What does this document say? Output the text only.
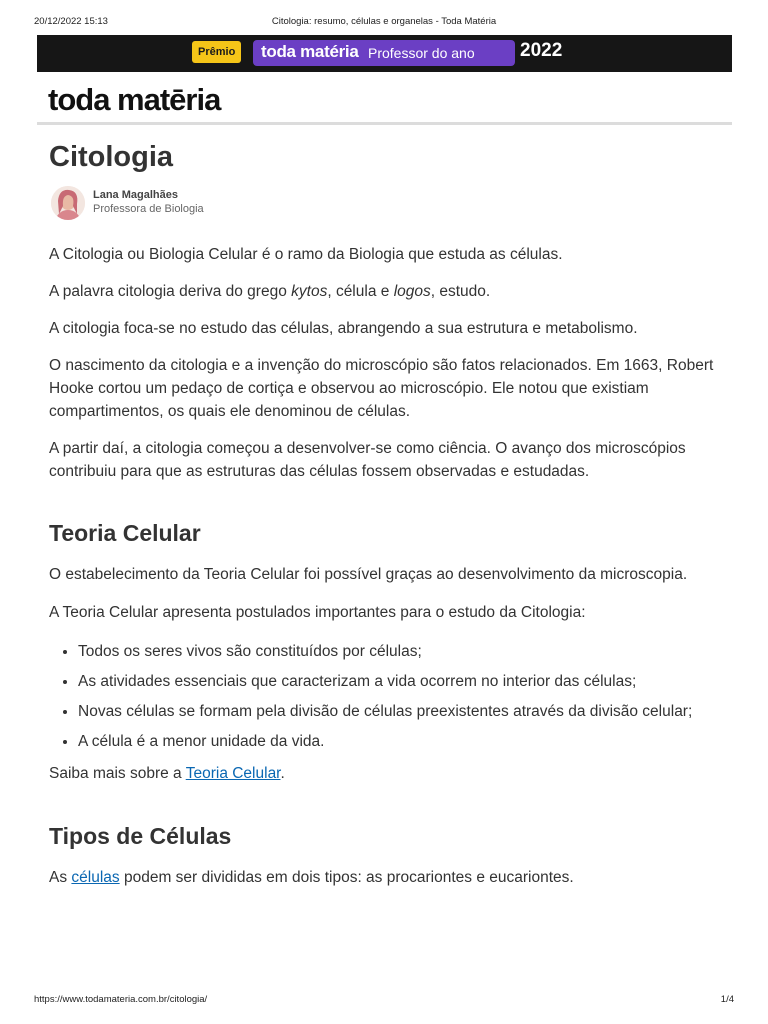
20/12/2022 15:13	Citologia: resumo, células e organelas - Toda Matéria
Prêmio	toda matéria Professor do ano 2022
toda matēria
Citologia
Lana Magalhães
Professora de Biologia

A Citologia ou Biologia Celular é o ramo da Biologia que estuda as células.

A palavra citologia deriva do grego kytos, célula e logos, estudo.

A citologia foca-se no estudo das células, abrangendo a sua estrutura e metabolismo.

O nascimento da citologia e a invenção do microscópio são fatos relacionados. Em 1663, Robert Hooke cortou um pedaço de cortiça e observou ao microscópio. Ele notou que existiam compartimentos, os quais ele denominou de células.

A partir daí, a citologia começou a desenvolver-se como ciência. O avanço dos microscópios contribuiu para que as estruturas das células fossem observadas e estudadas.

Teoria Celular

O estabelecimento da Teoria Celular foi possível graças ao desenvolvimento da microscopia.

A Teoria Celular apresenta postulados importantes para o estudo da Citologia:

• Todos os seres vivos são constituídos por células;
• As atividades essenciais que caracterizam a vida ocorrem no interior das células;
• Novas células se formam pela divisão de células preexistentes através da divisão celular;
• A célula é a menor unidade da vida.

Saiba mais sobre a Teoria Celular.

Tipos de Células

As células podem ser divididas em dois tipos: as procariontes e eucariontes.

https://www.todamateria.com.br/citologia/	1/4
